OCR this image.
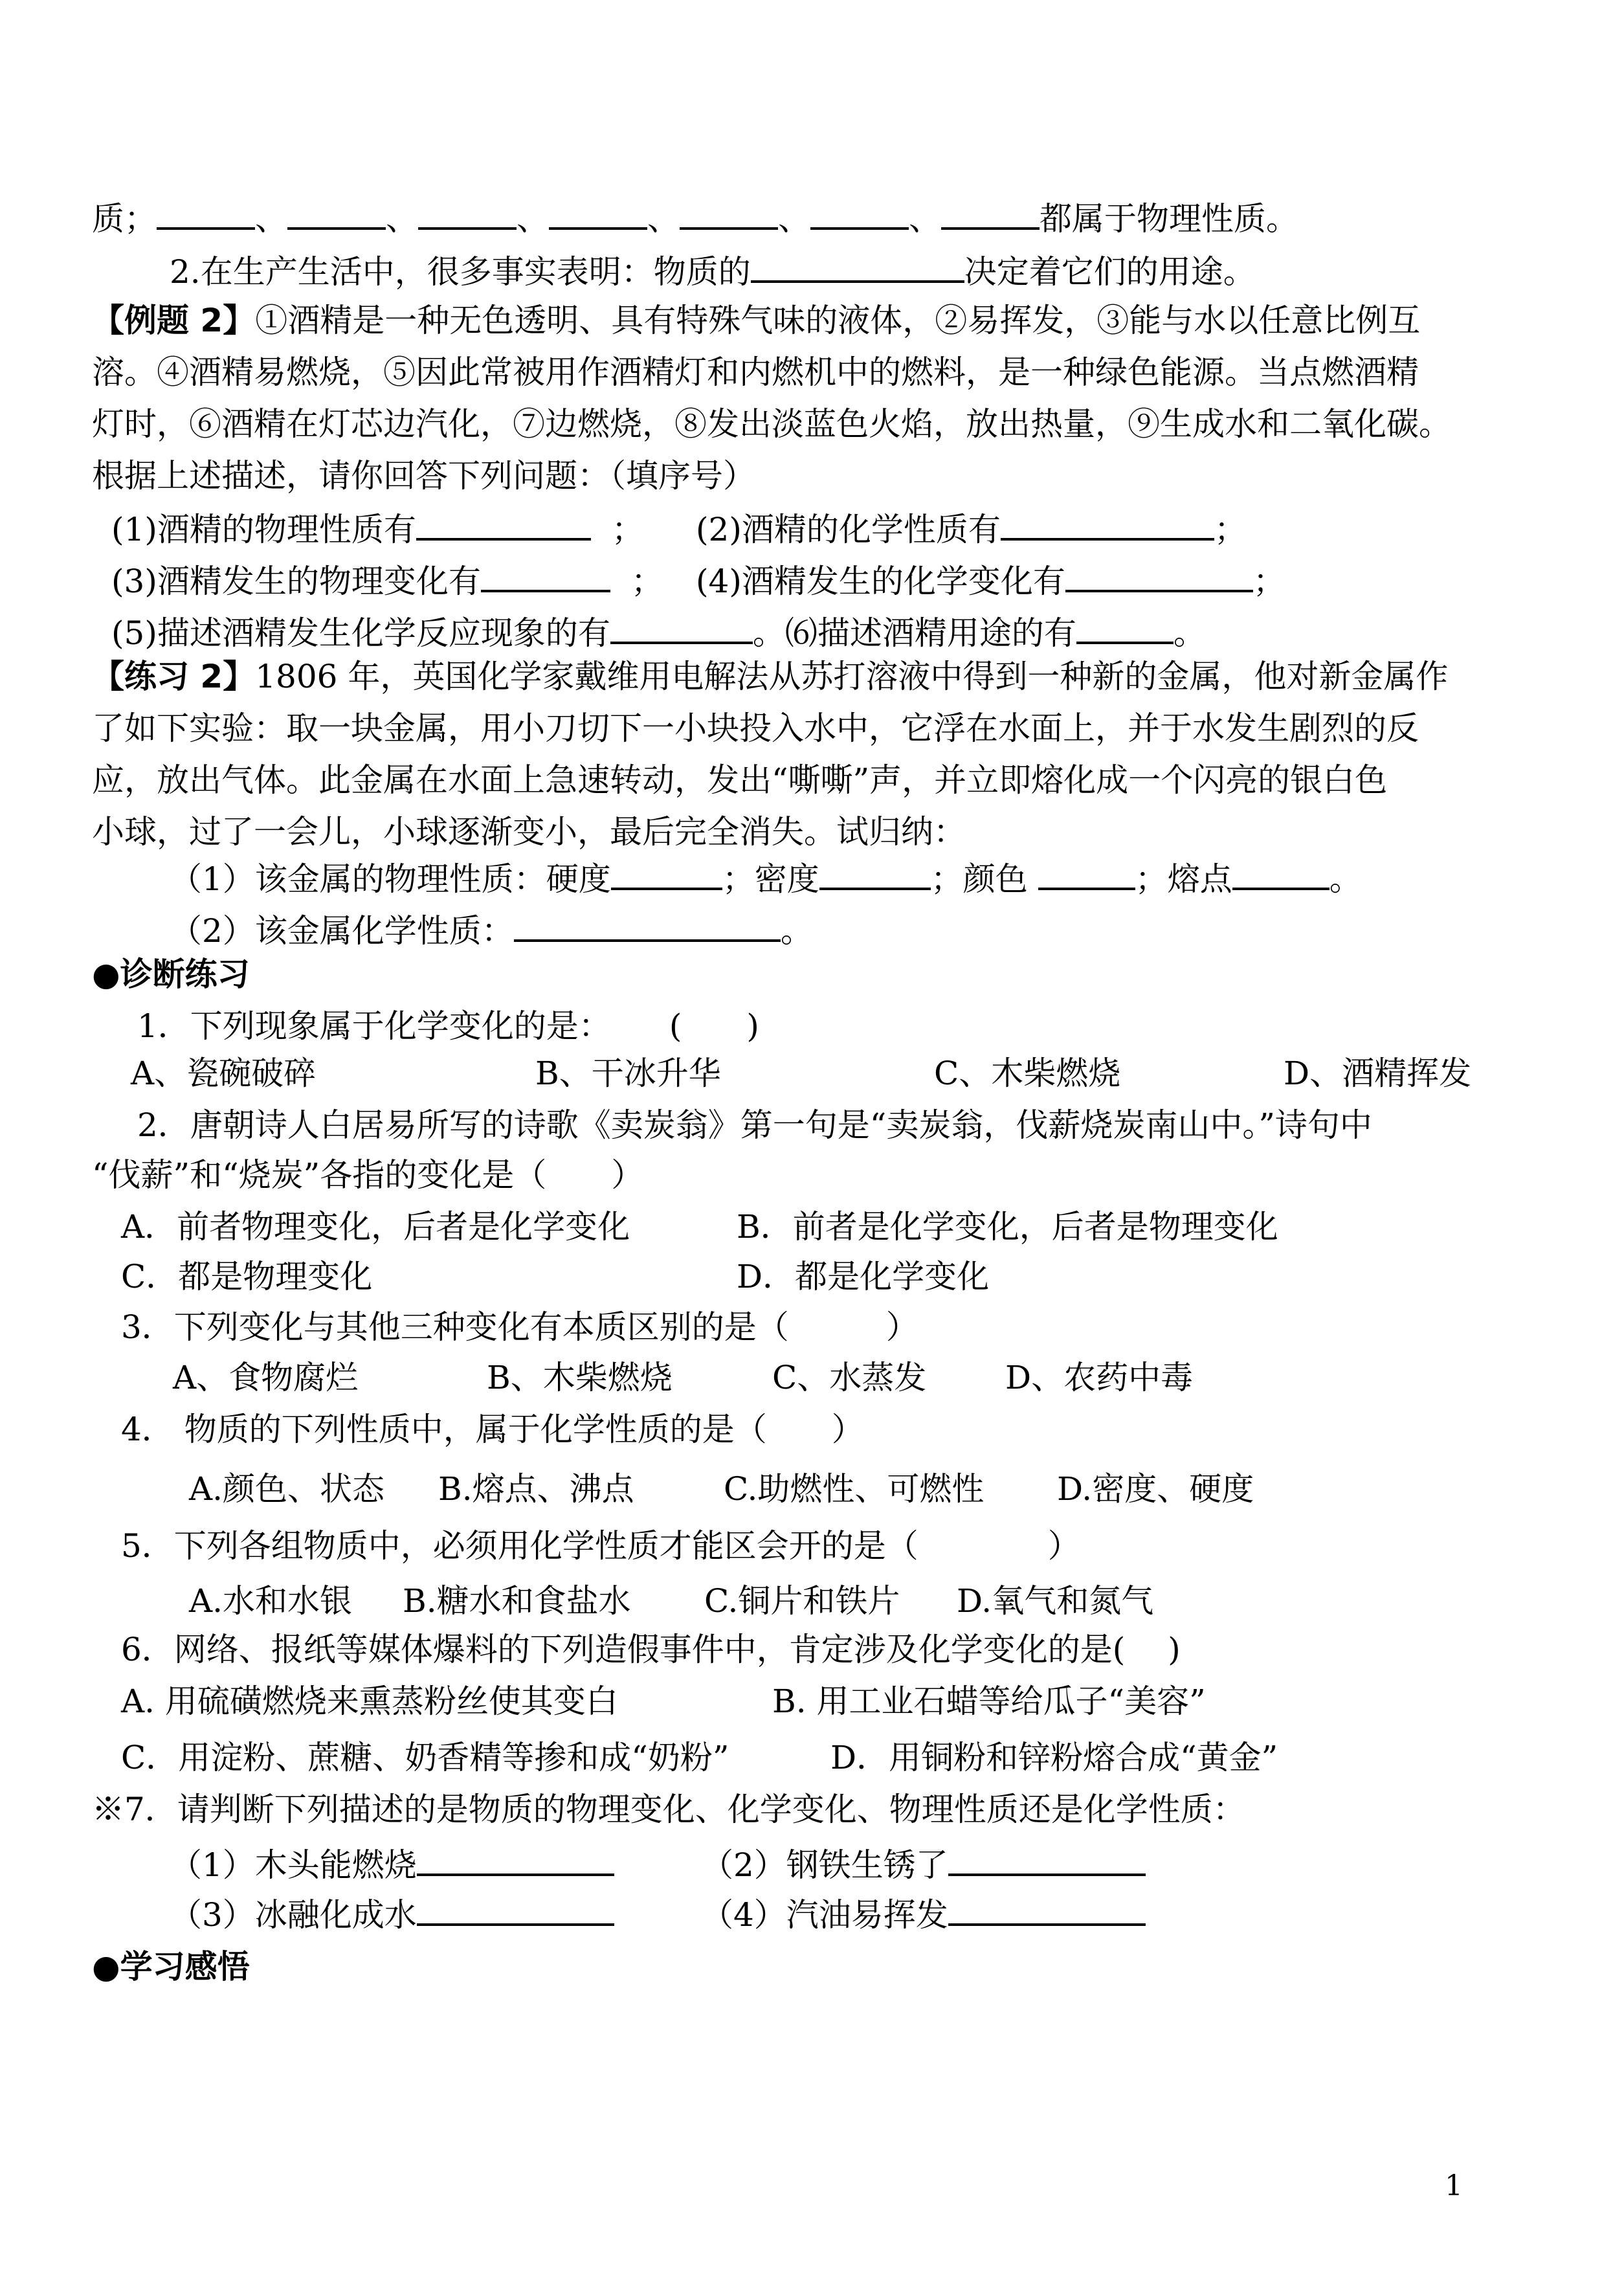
质；	、	、	、	、	、	、	都属于物理性质。
2.在生产生活中，很多事实表明：物质的	决定着它们的用途。
【例题 2】①酒精是一种无色透明、具有特殊气味的液体，②易挥发，③能与水以任意比例互
溶。④酒精易燃烧，⑤因此常被用作酒精灯和内燃机中的燃料，是一种绿色能源。当点燃酒精
灯时，⑥酒精在灯芯边汽化，⑦边燃烧，⑧发出淡蓝色火焰，放出热量，⑨生成水和二氧化碳。
根据上述描述，请你回答下列问题：（填序号）
(1)酒精的物理性质有	； (2)酒精的化学性质有	；
(3)酒精发生的物理变化有	； (4)酒精发生的化学变化有	；
(5)描述酒精发生化学反应现象的有	。⑹描述酒精用途的有	。
【练习 2】1806 年，英国化学家戴维用电解法从苏打溶液中得到一种新的金属，他对新金属作
了如下实验：取一块金属，用小刀切下一小块投入水中，它浮在水面上，并于水发生剧烈的反
应，放出气体。此金属在水面上急速转动，发出“嘶嘶”声，并立即熔化成一个闪亮的银白色
小球，过了一会儿，小球逐渐变小，最后完全消失。试归纳：
（1）该金属的物理性质：硬度	；密度	；颜色	；熔点	。
（2）该金属化学性质：	。
●诊断练习
1．下列现象属于化学变化的是： (　　)
A、瓷碗破碎	B、干冰升华	C、木柴燃烧	D、酒精挥发
2．唐朝诗人白居易所写的诗歌《卖炭翁》第一句是“卖炭翁，伐薪烧炭南山中。”诗句中
“伐薪”和“烧炭”各指的变化是（　　）
A．前者物理变化，后者是化学变化	B．前者是化学变化，后者是物理变化
C．都是物理变化	D．都是化学变化
3．下列变化与其他三种变化有本质区别的是（　　　）
A、食物腐烂	B、木柴燃烧	C、水蒸发 D、农药中毒
4． 物质的下列性质中，属于化学性质的是（　　）
A.颜色、状态 B.熔点、沸点	C.助燃性、可燃性 D.密度、硬度
5．下列各组物质中，必须用化学性质才能区会开的是（　　　　）
A.水和水银 B.糖水和食盐水 C.铜片和铁片 D.氧气和氮气
6．网络、报纸等媒体爆料的下列造假事件中，肯定涉及化学变化的是(　 )
A. 用硫磺燃烧来熏蒸粉丝使其变白	B. 用工业石蜡等给瓜子“美容”
C．用淀粉、蔗糖、奶香精等掺和成“奶粉”	D．用铜粉和锌粉熔合成“黄金”
※7．请判断下列描述的是物质的物理变化、化学变化、物理性质还是化学性质：
（1）木头能燃烧	（2）钢铁生锈了
（3）冰融化成水	（4）汽油易挥发
●学习感悟
1
